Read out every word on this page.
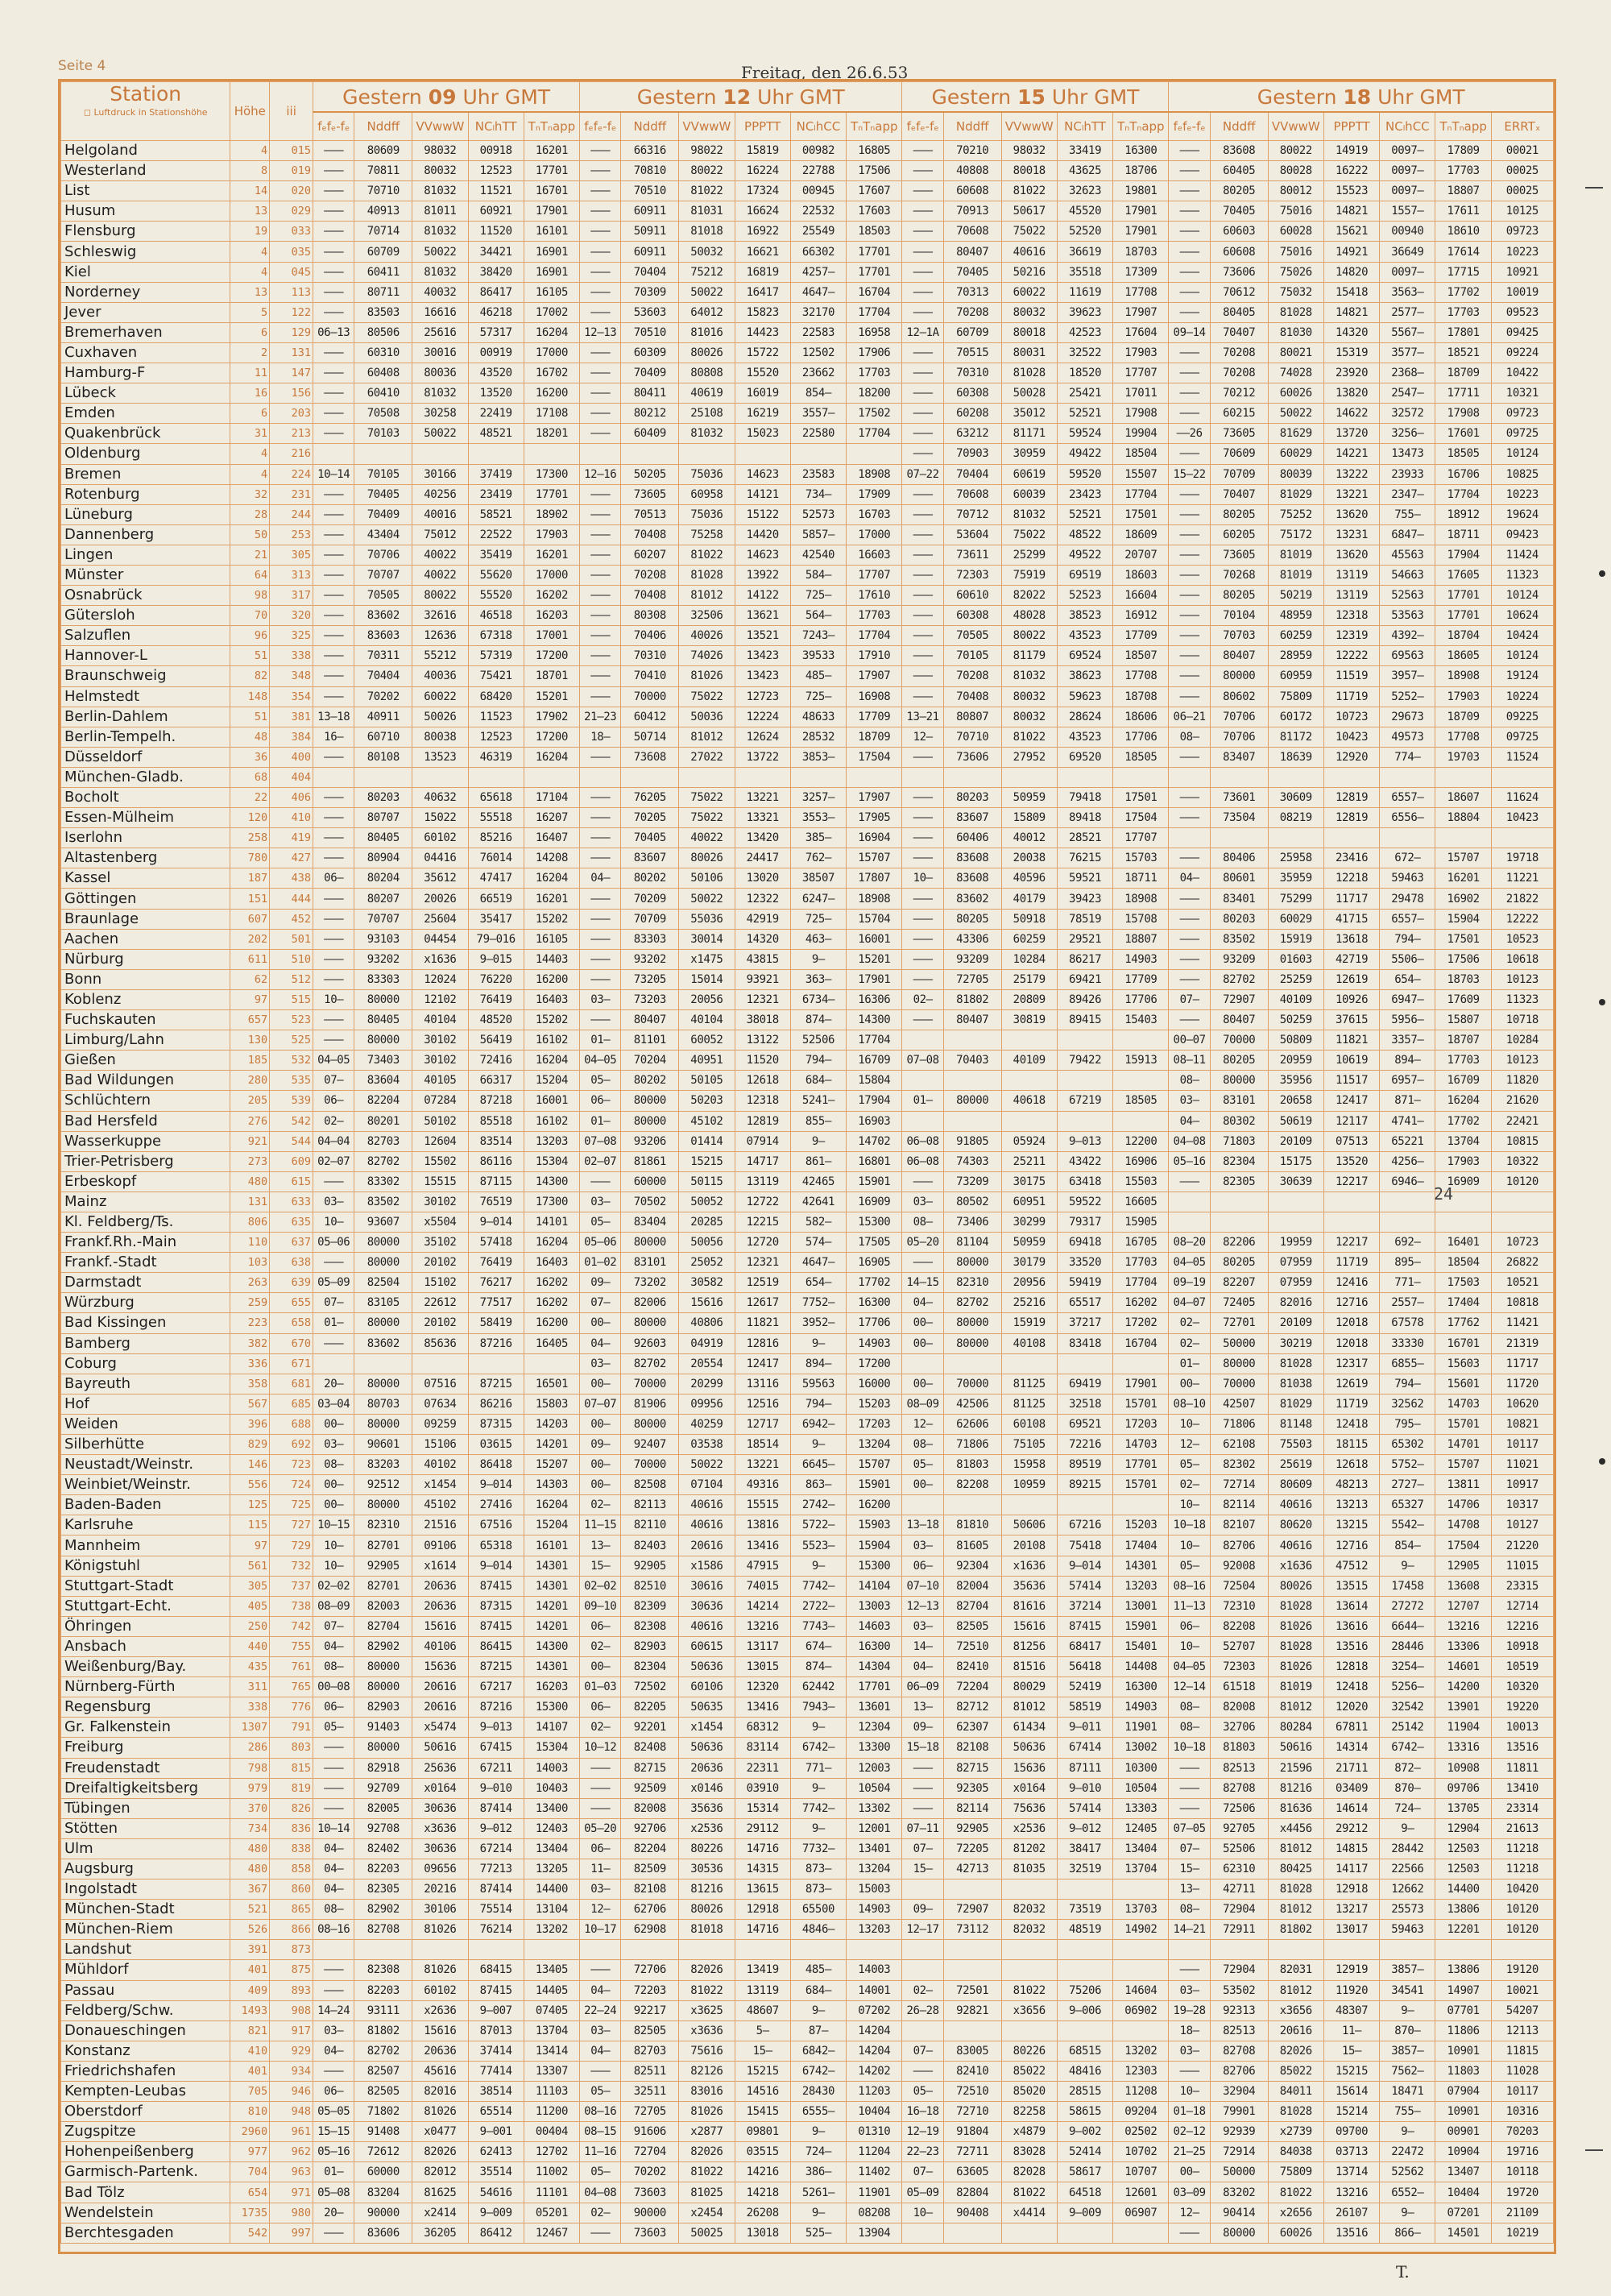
Seite 4	Freitag, den 26.6.53
Station
◻ Luftdruck in Stationshöhe	Höhe	iii	Gestern 09 Uhr GMT					Gestern 12 Uhr GMT						Gestern 15 Uhr GMT					Gestern 18 Uhr GMT						
			fₑfₑ-fₑ	Nddff	VVwwW	NCₗhTT	TₙTₙapp	fₑfₑ-fₑ	Nddff	VVwwW	PPPTT	NCₗhCC	TₙTₙapp	fₑfₑ-fₑ	Nddff	VVwwW	NCₗhTT	TₙTₙapp	fₑfₑ-fₑ	Nddff	VVwwW	PPPTT	NCₗhCC	TₙTₙapp	ERRTₓ
Helgoland	4	015	———	80609	98032	00918	16201	———	66316	98022	15819	00982	16805	———	70210	98032	33419	16300	———	83608	80022	14919	0097—	17809	00021
Westerland	8	019	———	70811	80032	12523	17701	———	70810	80022	16224	22788	17506	———	40808	80018	43625	18706	———	60405	80028	16222	0097—	17703	00025
List	14	020	———	70710	81032	11521	16701	———	70510	81022	17324	00945	17607	———	60608	81022	32623	19801	———	80205	80012	15523	0097—	18807	00025
Husum	13	029	———	40913	81011	60921	17901	———	60911	81031	16624	22532	17603	———	70913	50617	45520	17901	———	70405	75016	14821	1557—	17611	10125
Flensburg	19	033	———	70714	81032	11520	16101	———	50911	81018	16922	25549	18503	———	70608	75022	52520	17901	———	60603	60028	15621	00940	18610	09723
Schleswig	4	035	———	60709	50022	34421	16901	———	60911	50032	16621	66302	17701	———	80407	40616	36619	18703	———	60608	75016	14921	36649	17614	10223
Kiel	4	045	———	60411	81032	38420	16901	———	70404	75212	16819	4257—	17701	———	70405	50216	35518	17309	———	73606	75026	14820	0097—	17715	10921
Norderney	13	113	———	80711	40032	86417	16105	———	70309	50022	16417	4647—	16704	———	70313	60022	11619	17708	———	70612	75032	15418	3563—	17702	10019
Jever	5	122	———	83503	16616	46218	17002	———	53603	64012	15823	32170	17704	———	70208	80032	39623	17907	———	80405	81028	14821	2577—	17703	09523
Bremerhaven	6	129	06–13	80506	25616	57317	16204	12–13	70510	81016	14423	22583	16958	12–1A	60709	80018	42523	17604	09–14	70407	81030	14320	5567—	17801	09425
Cuxhaven	2	131	———	60310	30016	00919	17000	———	60309	80026	15722	12502	17906	———	70515	80031	32522	17903	———	70208	80021	15319	3577—	18521	09224
Hamburg-F	11	147	———	60408	80036	43520	16702	———	70409	80808	15520	23662	17703	———	70310	81028	18520	17707	———	70208	74028	23920	2368—	18709	10422
Lübeck	16	156	———	60410	81032	13520	16200	———	80411	40619	16019	854—	18200	———	60308	50028	25421	17011	———	70212	60026	13820	2547—	17711	10321
Emden	6	203	———	70508	30258	22419	17108	———	80212	25108	16219	3557—	17502	———	60208	35012	52521	17908	———	60215	50022	14622	32572	17908	09723
Quakenbrück	31	213	———	70103	50022	48521	18201	———	60409	81032	15023	22580	17704	———	63212	81171	59524	19904	——26	73605	81629	13720	3256—	17601	09725
Oldenburg	4	216												———	70903	30959	49422	18504	———	70609	60029	14221	13473	18505	10124
Bremen	4	224	10–14	70105	30166	37419	17300	12–16	50205	75036	14623	23583	18908	07–22	70404	60619	59520	15507	15–22	70709	80039	13222	23933	16706	10825
Rotenburg	32	231	———	70405	40256	23419	17701	———	73605	60958	14121	734—	17909	———	70608	60039	23423	17704	———	70407	81029	13221	2347—	17704	10223
Lüneburg	28	244	———	70409	40016	58521	18902	———	70513	75036	15122	52573	16703	———	70712	81032	52521	17501	———	80205	75252	13620	755—	18912	19624
Dannenberg	50	253	———	43404	75012	22522	17903	———	70408	75258	14420	5857—	17000	———	53604	75022	48522	18609	———	60205	75172	13231	6847—	18711	09423
Lingen	21	305	———	70706	40022	35419	16201	———	60207	81022	14623	42540	16603	———	73611	25299	49522	20707	———	73605	81019	13620	45563	17904	11424
Münster	64	313	———	70707	40022	55620	17000	———	70208	81028	13922	584—	17707	———	72303	75919	69519	18603	———	70268	81019	13119	54663	17605	11323
Osnabrück	98	317	———	70505	80022	55520	16202	———	70408	81012	14122	725—	17610	———	60610	82022	52523	16604	———	80205	50219	13119	52563	17701	10124
Gütersloh	70	320	———	83602	32616	46518	16203	———	80308	32506	13621	564—	17703	———	60308	48028	38523	16912	———	70104	48959	12318	53563	17701	10624
Salzuflen	96	325	———	83603	12636	67318	17001	———	70406	40026	13521	7243—	17704	———	70505	80022	43523	17709	———	70703	60259	12319	4392—	18704	10424
Hannover-L	51	338	———	70311	55212	57319	17200	———	70310	74026	13423	39533	17910	———	70105	81179	69524	18507	———	80407	28959	12222	69563	18605	10124
Braunschweig	82	348	———	70404	40036	75421	18701	———	70410	81026	13423	485—	17907	———	70208	81032	38623	17708	———	80000	60959	11519	3957—	18908	19124
Helmstedt	148	354	———	70202	60022	68420	15201	———	70000	75022	12723	725—	16908	———	70408	80032	59623	18708	———	80602	75809	11719	5252—	17903	10224
Berlin-Dahlem	51	381	13–18	40911	50026	11523	17902	21–23	60412	50036	12224	48633	17709	13–21	80807	80032	28624	18606	06–21	70706	60172	10723	29673	18709	09225
Berlin-Tempelh.	48	384	16—	60710	80038	12523	17200	18—	50714	81012	12624	28532	18709	12—	70710	81022	43523	17706	08—	70706	81172	10423	49573	17708	09725
Düsseldorf	36	400	———	80108	13523	46319	16204	———	73608	27022	13722	3853—	17504	———	73606	27952	69520	18505	———	83407	18639	12920	774—	19703	11524
München-Gladb.	68	404																							
Bocholt	22	406	———	80203	40632	65618	17104	———	76205	75022	13221	3257—	17907	———	80203	50959	79418	17501	———	73601	30609	12819	6557—	18607	11624
Essen-Mülheim	120	410	———	80707	15022	55518	16207	———	70205	75022	13321	3553—	17905	———	83607	15809	89418	17504	———	73504	08219	12819	6556—	18804	10423
Iserlohn	258	419	———	80405	60102	85216	16407	———	70405	40022	13420	385—	16904	———	60406	40012	28521	17707							
Altastenberg	780	427	———	80904	04416	76014	14208	———	83607	80026	24417	762—	15707	———	83608	20038	76215	15703	———	80406	25958	23416	672—	15707	19718
Kassel	187	438	06—	80204	35612	47417	16204	04—	80202	50106	13020	38507	17807	10—	83608	40596	59521	18711	04—	80601	35959	12218	59463	16201	11221
Göttingen	151	444	———	80207	20026	66519	16201	———	70209	50022	12322	6247—	18908	———	83602	40179	39423	18908	———	83401	75299	11717	29478	16902	21822
Braunlage	607	452	———	70707	25604	35417	15202	———	70709	55036	42919	725—	15704	———	80205	50918	78519	15708	———	80203	60029	41715	6557—	15904	12222
Aachen	202	501	———	93103	04454	79–016	16105	———	83303	30014	14320	463—	16001	———	43306	60259	29521	18807	———	83502	15919	13618	794—	17501	10523
Nürburg	611	510	———	93202	x1636	9–015	14403	———	93202	x1475	43815	9—	15201	———	93209	10284	86217	14903	———	93209	01603	42719	5506—	17506	10618
Bonn	62	512	———	83303	12024	76220	16200	———	73205	15014	93921	363—	17901	———	72705	25179	69421	17709	———	82702	25259	12619	654—	18703	10123
Koblenz	97	515	10—	80000	12102	76419	16403	03—	73203	20056	12321	6734—	16306	02—	81802	20809	89426	17706	07—	72907	40109	10926	6947—	17609	11323
Fuchskauten	657	523	———	80405	40104	48520	15202	———	80407	40104	38018	874—	14300	———	80407	30819	89415	15403	———	80407	50259	37615	5956—	15807	10718
Limburg/Lahn	130	525	———	80000	30102	56419	16102	01—	81101	60052	13122	52506	17704						00—07	70000	50809	11821	3357—	18707	10284
Gießen	185	532	04—05	73403	30102	72416	16204	04—05	70204	40951	11520	794—	16709	07—08	70403	40109	79422	15913	08—11	80205	20959	10619	894—	17703	10123
Bad Wildungen	280	535	07—	83604	40105	66317	15204	05—	80202	50105	12618	684—	15804						08—	80000	35956	11517	6957—	16709	11820
Schlüchtern	205	539	06—	82204	07284	87218	16001	06—	80000	50203	12318	5241—	17904	01—	80000	40618	67219	18505	03—	83101	20658	12417	871—	16204	21620
Bad Hersfeld	276	542	02—	80201	50102	85518	16102	01—	80000	45102	12819	855—	16903						04—	80302	50619	12117	4741—	17702	22421
Wasserkuppe	921	544	04—04	82703	12604	83514	13203	07—08	93206	01414	07914	9—	14702	06—08	91805	05924	9–013	12200	04—08	71803	20109	07513	65221	13704	10815
Trier-Petrisberg	273	609	02—07	82702	15502	86116	15304	02—07	81861	15215	14717	861—	16801	06—08	74303	25211	43422	16906	05—16	82304	15175	13520	4256—	17903	10322
Erbeskopf	480	615	———	83302	15515	87115	14300	———	60000	50115	13119	42465	15901	———	73209	30175	63418	15503	———	82305	30639	12217	6946—	16909	10120
Mainz	131	633	03—	83502	30102	76519	17300	03—	70502	50052	12722	42641	16909	03—	80502	60951	59522	16605							
Kl. Feldberg/Ts.	806	635	10—	93607	x5504	9–014	14101	05—	83404	20285	12215	582—	15300	08—	73406	30299	79317	15905							
Frankf.Rh.-Main	110	637	05—06	80000	35102	57418	16204	05—06	80000	50056	12720	574—	17505	05—20	81104	50959	69418	16705	08—20	82206	19959	12217	692—	16401	10723
Frankf.-Stadt	103	638	———	80000	20102	76419	16403	01—02	83101	25052	12321	4647—	16905	———	80000	30179	33520	17703	04—05	80205	07959	11719	895—	18504	26822
Darmstadt	263	639	05—09	82504	15102	76217	16202	09—	73202	30582	12519	654—	17702	14—15	82310	20956	59419	17704	09—19	82207	07959	12416	771—	17503	10521
Würzburg	259	655	07—	83105	22612	77517	16202	07—	82006	15616	12617	7752—	16300	04—	82702	25216	65517	16202	04—07	72405	82016	12716	2557—	17404	10818
Bad Kissingen	223	658	01—	80000	20102	58419	16200	00—	80000	40806	11821	3952—	17706	00—	80000	15919	37217	17202	02—	72701	20109	12018	67578	17762	11421
Bamberg	382	670	———	83602	85636	87216	16405	04—	92603	04919	12816	9—	14903	00—	80000	40108	83418	16704	02—	50000	30219	12018	33330	16701	21319
Coburg	336	671						03—	82702	20554	12417	894—	17200						01—	80000	81028	12317	6855—	15603	11717
Bayreuth	358	681	20—	80000	07516	87215	16501	00—	70000	20299	13116	59563	16000	00—	70000	81125	69419	17901	00—	70000	81038	12619	794—	15601	11720
Hof	567	685	03—04	80703	07634	86216	15803	07—07	81906	09956	12516	794—	15203	08—09	42506	81125	32518	15701	08—10	42507	81029	11719	32562	14703	10620
Weiden	396	688	00—	80000	09259	87315	14203	00—	80000	40259	12717	6942—	17203	12—	62606	60108	69521	17203	10—	71806	81148	12418	795—	15701	10821
Silberhütte	829	692	03—	90601	15106	03615	14201	09—	92407	03538	18514	9—	13204	08—	71806	75105	72216	14703	12—	62108	75503	18115	65302	14701	10117
Neustadt/Weinstr.	146	723	08—	83203	40102	86418	15207	00—	70000	50022	13221	6645—	15707	05—	81803	15958	89519	17701	05—	82302	25619	12618	5752—	15707	11021
Weinbiet/Weinstr.	556	724	00—	92512	x1454	9–014	14303	00—	82508	07104	49316	863—	15901	00—	82208	10959	89215	15701	02—	72714	80609	48213	2727—	13811	10917
Baden-Baden	125	725	00—	80000	45102	27416	16204	02—	82113	40616	15515	2742—	16200						10—	82114	40616	13213	65327	14706	10317
Karlsruhe	115	727	10—15	82310	21516	67516	15204	11—15	82110	40616	13816	5722—	15903	13—18	81810	50606	67216	15203	10—18	82107	80620	13215	5542—	14708	10127
Mannheim	97	729	10—	82701	09106	65318	16101	13—	82403	20616	13416	5523—	15904	03—	81605	20108	75418	17404	10—	82706	40616	12716	854—	17504	21220
Königstuhl	561	732	10—	92905	x1614	9–014	14301	15—	92905	x1586	47915	9—	15300	06—	92304	x1636	9–014	14301	05—	92008	x1636	47512	9—	12905	11015
Stuttgart-Stadt	305	737	02—02	82701	20636	87415	14301	02—02	82510	30616	74015	7742—	14104	07—10	82004	35636	57414	13203	08—16	72504	80026	13515	17458	13608	23315
Stuttgart-Echt.	405	738	08—09	82003	20636	87315	14201	09—10	82309	30636	14214	2722—	13003	12—13	82704	81616	37214	13001	11—13	72310	81028	13614	27272	12707	12714
Öhringen	250	742	07—	82704	15616	87415	14201	06—	82308	40616	13216	7743—	14603	03—	82505	15616	87415	15901	06—	82208	81026	13616	6644—	13216	12216
Ansbach	440	755	04—	82902	40106	86415	14300	02—	82903	60615	13117	674—	16300	14—	72510	81256	68417	15401	10—	52707	81028	13516	28446	13306	10918
Weißenburg/Bay.	435	761	08—	80000	15636	87215	14301	00—	82304	50636	13015	874—	14304	04—	82410	81516	56418	14408	04—05	72303	81026	12818	3254—	14601	10519
Nürnberg-Fürth	311	765	00—08	80000	20616	67217	16203	01—03	72502	60106	12320	62442	17701	06—09	72204	80029	52419	16300	12—14	61518	81019	12418	5256—	14200	10320
Regensburg	338	776	06—	82903	20616	87216	15300	06—	82205	50635	13416	7943—	13601	13—	82712	81012	58519	14903	08—	82008	81012	12020	32542	13901	19220
Gr. Falkenstein	1307	791	05—	91403	x5474	9–013	14107	02—	92201	x1454	68312	9—	12304	09—	62307	61434	9–011	11901	08—	32706	80284	67811	25142	11904	10013
Freiburg	286	803	———	80000	50616	67415	15304	10—12	82408	50636	83114	6742—	13300	15—18	82108	50636	67414	13002	10—18	81803	50616	14314	6742—	13316	13516
Freudenstadt	798	815	———	82918	25636	67211	14003	———	82715	20636	22311	771—	12003	———	82715	15636	87111	10300	———	82513	21596	21711	872—	10908	11811
Dreifaltigkeitsberg	979	819	———	92709	x0164	9–010	10403	———	92509	x0146	03910	9—	10504	———	92305	x0164	9–010	10504	———	82708	81216	03409	870—	09706	13410
Tübingen	370	826	———	82005	30636	87414	13400	———	82008	35636	15314	7742—	13302	———	82114	75636	57414	13303	———	72506	81636	14614	724—	13705	23314
Stötten	734	836	10—14	92708	x3636	9–012	12403	05—20	92706	x2536	29112	9—	12001	07—11	92905	x2536	9–012	12405	07—05	92705	x4456	29212	9—	12904	21613
Ulm	480	838	04—	82402	30636	67214	13404	06—	82204	80226	14716	7732—	13401	07—	72205	81202	38417	13404	07—	52506	81012	14815	28442	12503	11218
Augsburg	480	858	04—	82203	09656	77213	13205	11—	82509	30536	14315	873—	13204	15—	42713	81035	32519	13704	15—	62310	80425	14117	22566	12503	11218
Ingolstadt	367	860	04—	82305	20216	87414	14400	03—	82108	81216	13615	873—	15003						13—	42711	81028	12918	12662	14400	10420
München-Stadt	521	865	08—	82902	30106	75514	13104	12—	62706	80026	12918	65500	14903	09—	72907	82032	73519	13703	08—	72904	81012	13217	25573	13806	10120
München-Riem	526	866	08—16	82708	81026	76214	13202	10—17	62908	81018	14716	4846—	13203	12—17	73112	82032	48519	14902	14—21	72911	81802	13017	59463	12201	10120
Landshut	391	873																							
Mühldorf	401	875	———	82308	81026	68415	13405	———	72706	82026	13419	485—	14003						———	72904	82031	12919	3857—	13806	19120
Passau	409	893	———	82203	60102	87415	14405	04—	72203	81022	13119	684—	14001	02—	72501	81022	75206	14604	03—	53502	81012	11920	34541	14907	10021
Feldberg/Schw.	1493	908	14—24	93111	x2636	9–007	07405	22—24	92217	x3625	48607	9—	07202	26—28	92821	x3656	9–006	06902	19—28	92313	x3656	48307	9—	07701	54207
Donaueschingen	821	917	03—	81802	15616	87013	13704	03—	82505	x3636	5—	87—	14204						18—	82513	20616	11—	870—	11806	12113
Konstanz	410	929	04—	82702	20636	37414	13414	04—	82703	75616	15—	6842—	14204	07—	83005	80226	68515	13202	03—	82708	82026	15—	3857—	10901	11815
Friedrichshafen	401	934	———	82507	45616	77414	13307	———	82511	82126	15215	6742—	14202	———	82410	85022	48416	12303	———	82706	85022	15215	7562—	11803	11028
Kempten-Leubas	705	946	06—	82505	82016	38514	11103	05—	32511	83016	14516	28430	11203	05—	72510	85020	28515	11208	10—	32904	84011	15614	18471	07904	10117
Oberstdorf	810	948	05—05	71802	81026	65514	11200	08—16	72705	81026	15415	6555—	10404	16—18	72710	82258	58615	09204	01—18	79901	81028	15214	755—	10901	10316
Zugspitze	2960	961	15—15	91408	x0477	9–001	00404	08—15	91606	x2877	09801	9—	01310	12—19	91804	x4879	9–002	02502	02—12	92939	x2739	09700	9—	00901	70203
Hohenpeißenberg	977	962	05—16	72612	82026	62413	12702	11—16	72704	82026	03515	724—	11204	22—23	72711	83028	52414	10702	21—25	72914	84038	03713	22472	10904	19716
Garmisch-Partenk.	704	963	01—	60000	82012	35514	11002	05—	70202	81022	14216	386—	11402	07—	63605	82028	58617	10707	00—	50000	75809	13714	52562	13407	10118
Bad Tölz	654	971	05—08	83204	81625	54616	11101	04—08	73603	81025	14218	5261—	11901	05—09	82804	81022	64518	12601	03—09	83202	81022	13216	6552—	10404	19720
Wendelstein	1735	980	20—	90000	x2414	9–009	05201	02—	90000	x2454	26208	9—	08208	10—	90408	x4414	9–009	06907	12—	90414	x2656	26107	9—	07201	21109
Berchtesgaden	542	997	———	83606	36205	86412	12467	———	73603	50025	13018	525—	13904						———	80000	60026	13516	866—	14501	10219
24
T.
